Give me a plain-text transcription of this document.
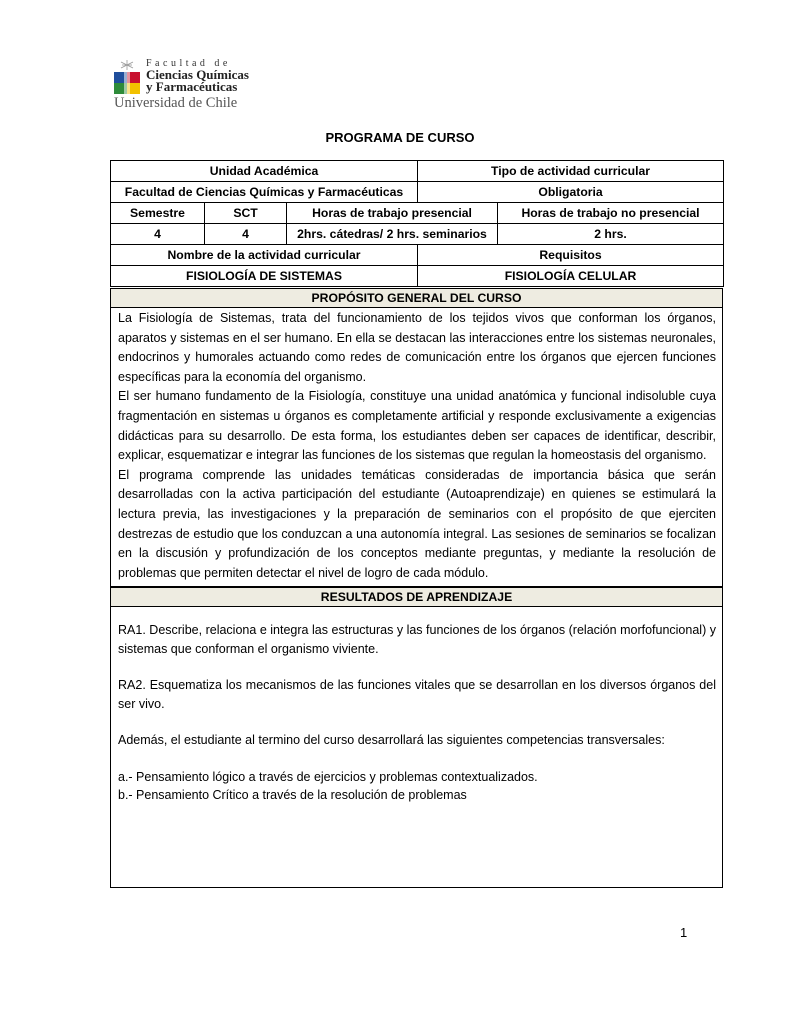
Facultad de
Ciencias Químicas
y Farmacéuticas
Universidad de Chile
PROGRAMA DE CURSO
Unidad Académica			Tipo de actividad curricular	
Facultad de Ciencias Químicas y Farmacéuticas			Obligatoria	
Semestre	SCT	Horas de trabajo presencial		Horas de trabajo no presencial
4	4	2hrs. cátedras/ 2 hrs. seminarios		2 hrs.
Nombre de la actividad curricular			Requisitos	
FISIOLOGÍA DE SISTEMAS			FISIOLOGÍA CELULAR	
PROPÓSITO GENERAL DEL CURSO

La Fisiología de Sistemas, trata del funcionamiento de los tejidos vivos que conforman los órganos, aparatos y sistemas en el ser humano. En ella se destacan las interacciones entre los sistemas neuronales, endocrinos y humorales actuando como redes de comunicación entre los órganos que ejercen funciones específicas para la economía del organismo.

El ser humano fundamento de la Fisiología, constituye una unidad anatómica y funcional indisoluble cuya fragmentación en sistemas u órganos es completamente artificial y responde exclusivamente a exigencias didácticas para su desarrollo. De esta forma, los estudiantes deben ser capaces de identificar, describir, explicar, esquematizar e integrar las funciones de los sistemas que regulan la homeostasis del organismo.

El programa comprende las unidades temáticas consideradas de importancia básica que serán desarrolladas con la activa participación del estudiante (Autoaprendizaje) en quienes se estimulará la lectura previa, las investigaciones y la preparación de seminarios con el propósito de que ejerciten destrezas de estudio que los conduzcan a una autonomía integral. Las sesiones de seminarios se focalizan en la discusión y profundización de los conceptos mediante preguntas, y mediante la resolución de problemas que permiten detectar el nivel de logro de cada módulo.

RESULTADOS DE APRENDIZAJE

RA1. Describe, relaciona e integra las estructuras y las funciones de los órganos (relación morfofuncional) y sistemas que conforman el organismo viviente.

RA2. Esquematiza los mecanismos de las funciones vitales que se desarrollan en los diversos órganos del ser vivo.

Además, el estudiante al termino del curso desarrollará las siguientes competencias transversales:

a.- Pensamiento lógico a través de ejercicios y problemas contextualizados.

b.- Pensamiento Crítico a través de la resolución de problemas

1
